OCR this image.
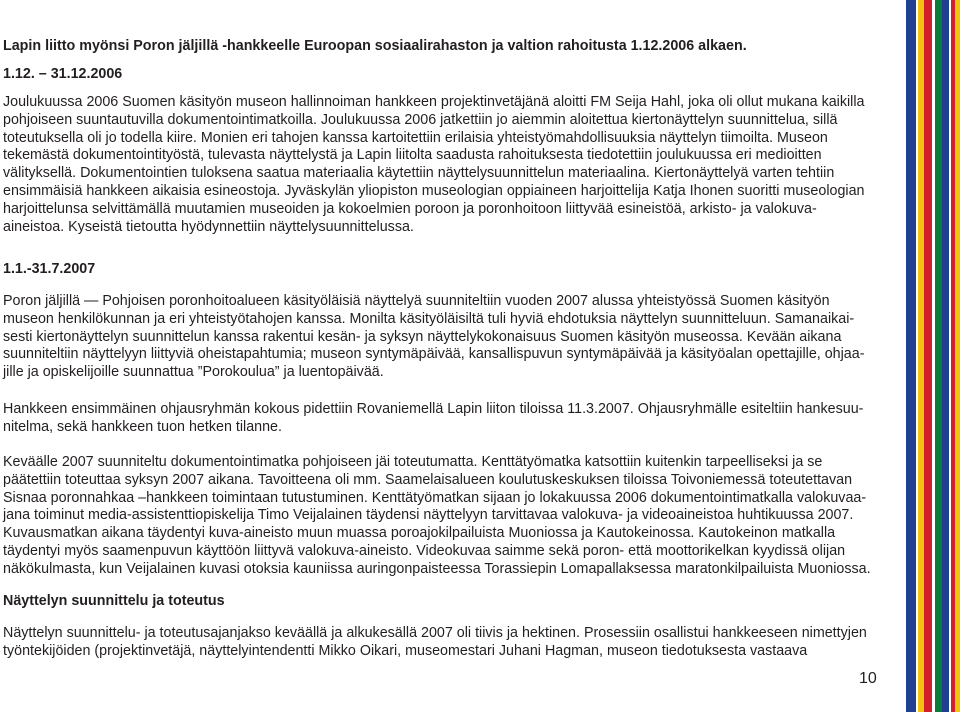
Lapin liitto myönsi Poron jäljillä -hankkeelle Euroopan sosiaalirahaston ja valtion rahoitusta 1.12.2006 alkaen.
1.12. – 31.12.2006
Joulukuussa 2006 Suomen käsityön museon hallinnoiman hankkeen projektinvetäjänä aloitti FM Seija Hahl, joka oli ollut mukana kaikilla
pohjoiseen suuntautuvilla dokumentointimatkoilla. Joulukuussa 2006 jatkettiin jo aiemmin aloitettua kiertonäyttelyn suunnittelua, sillä
toteutuksella oli jo todella kiire. Monien eri tahojen kanssa kartoitettiin erilaisia yhteistyömahdollisuuksia näyttelyn tiimoilta. Museon
tekemästä dokumentointityöstä, tulevasta näyttelystä ja Lapin liitolta saadusta rahoituksesta tiedotettiin joulukuussa eri medioitten
välityksellä. Dokumentointien tuloksena saatua materiaalia käytettiin näyttelysuunnittelun materiaalina. Kiertonäyttelyä varten tehtiin
ensimmäisiä hankkeen aikaisia esineostoja. Jyväskylän yliopiston museologian oppiaineen harjoittelija Katja Ihonen suoritti museologian
harjoittelunsa selvittämällä muutamien museoiden ja kokoelmien poroon ja poronhoitoon liittyvää esineistöä, arkisto- ja valokuva-
aineistoa. Kyseistä tietoutta hyödynnettiin näyttelysuunnittelussa.
1.1.-31.7.2007
Poron jäljillä — Pohjoisen poronhoitoalueen käsityöläisiä näyttelyä suunniteltiin vuoden 2007 alussa yhteistyössä Suomen käsityön
museon henkilökunnan ja eri yhteistyötahojen kanssa. Monilta käsityöläisiltä tuli hyviä ehdotuksia näyttelyn suunnitteluun. Samanaikai-
sesti kiertonäyttelyn suunnittelun kanssa rakentui kesän- ja syksyn näyttelykokonaisuus Suomen käsityön museossa. Kevään aikana
suunniteltiin näyttelyyn liittyviä oheistapahtumia; museon syntymäpäivää, kansallispuvun syntymäpäivää ja käsityöalan opettajille, ohjaa-
jille ja opiskelijoille suunnattua ”Porokoulua” ja luentopäivää.
Hankkeen ensimmäinen ohjausryhmän kokous pidettiin Rovaniemellä Lapin liiton tiloissa 11.3.2007. Ohjausryhmälle esiteltiin hankesuu-
nitelma, sekä hankkeen tuon hetken tilanne.
Keväälle 2007 suunniteltu dokumentointimatka pohjoiseen jäi toteutumatta. Kenttätyömatka katsottiin kuitenkin tarpeelliseksi ja se
päätettiin toteuttaa syksyn 2007 aikana. Tavoitteena oli mm. Saamelaisalueen koulutuskeskuksen tiloissa Toivoniemessä toteutettavan
Sisnaa poronnahkaa –hankkeen toimintaan tutustuminen. Kenttätyömatkan sijaan jo lokakuussa 2006 dokumentointimatkalla valokuvaa-
jana toiminut media-assistenttiopiskelija Timo Veijalainen täydensi näyttelyyn tarvittavaa valokuva- ja videoaineistoa huhtikuussa 2007.
Kuvausmatkan aikana täydentyi kuva-aineisto muun muassa poroajokilpailuista Muoniossa ja Kautokeinossa. Kautokeinon matkalla
täydentyi myös saamenpuvun käyttöön liittyvä valokuva-aineisto. Videokuvaa saimme sekä poron- että moottorikelkan kyydissä olijan
näkökulmasta, kun Veijalainen kuvasi otoksia kauniissa auringonpaisteessa Torassiepin Lomapallaksessa maratonkilpailuista Muoniossa.
Näyttelyn suunnittelu ja toteutus
Näyttelyn suunnittelu- ja toteutusajanjakso keväällä ja alkukesällä 2007 oli tiivis ja hektinen. Prosessiin osallistui hankkeeseen nimettyjen
työntekijöiden (projektinvetäjä, näyttelyintendentti Mikko Oikari, museomestari Juhani Hagman, museon tiedotuksesta vastaava
10
